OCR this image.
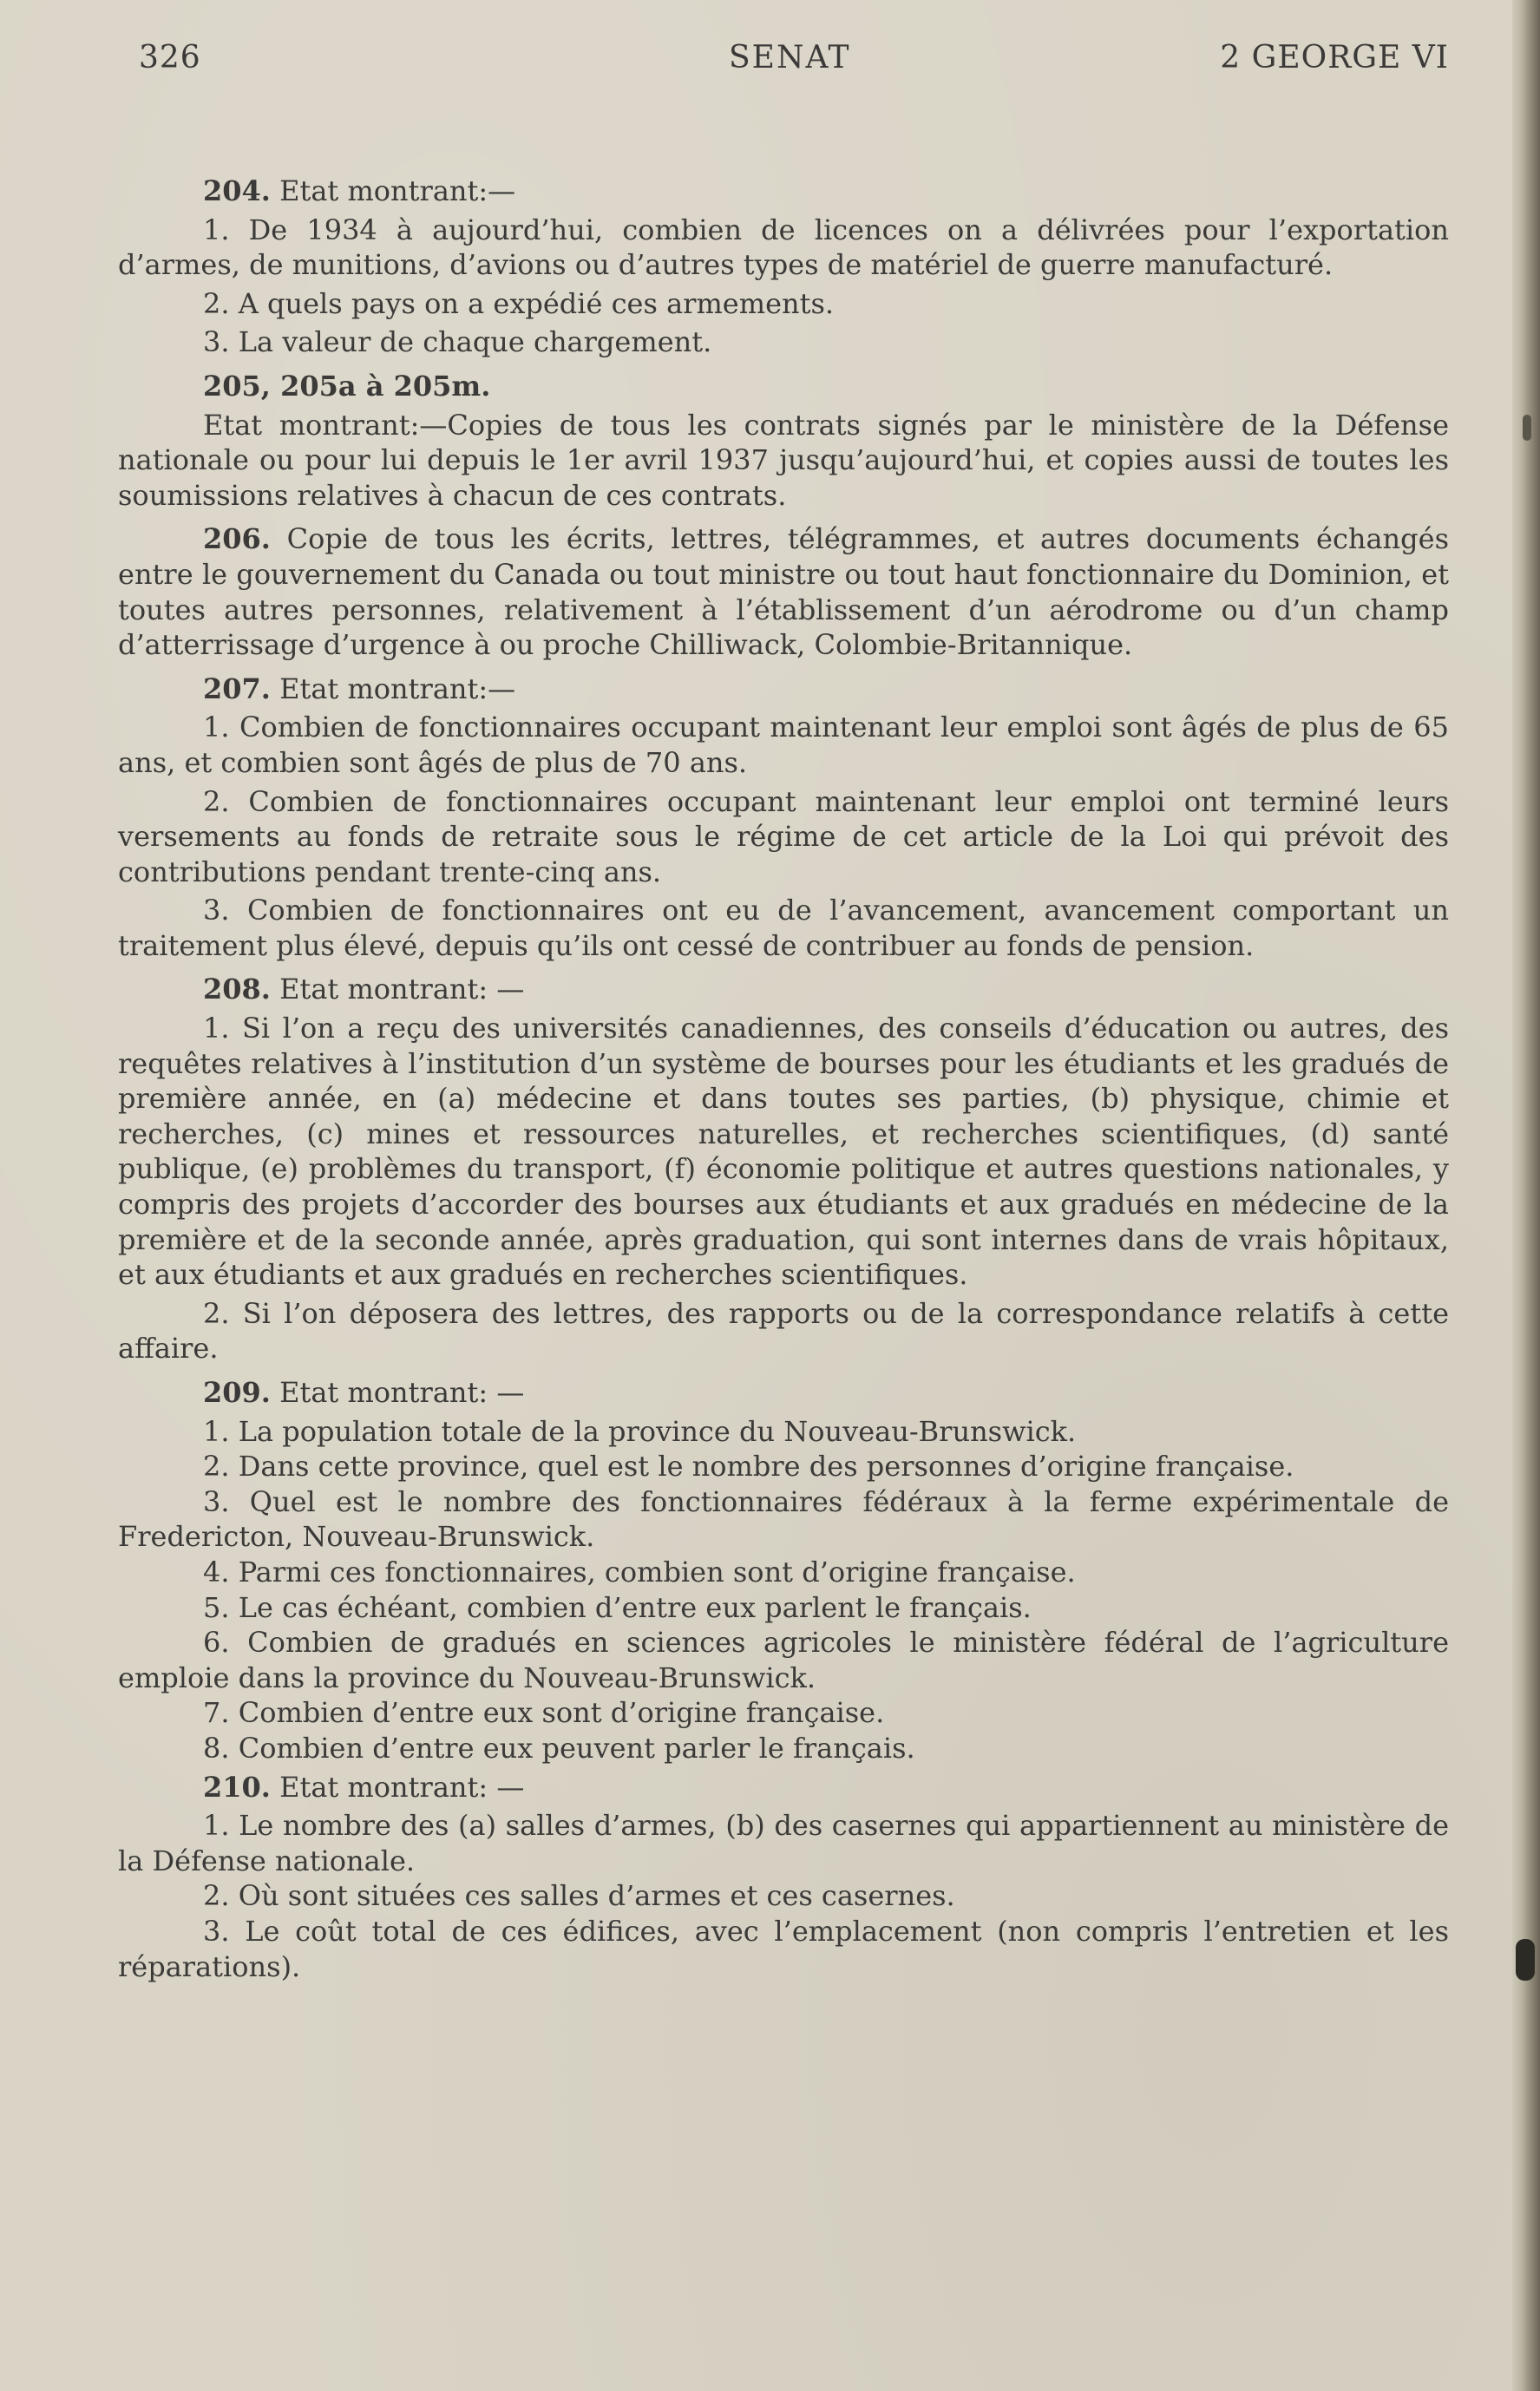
326	SENAT	2 GEORGE VI

204. Etat montrant:—

1. De 1934 à aujourd’hui, combien de licences on a délivrées pour l’exportation d’armes, de munitions, d’avions ou d’autres types de matériel de guerre manufacturé.

2. A quels pays on a expédié ces armements.

3. La valeur de chaque chargement.

205, 205a à 205m.

Etat montrant:—Copies de tous les contrats signés par le ministère de la Défense nationale ou pour lui depuis le 1er avril 1937 jusqu’aujourd’hui, et copies aussi de toutes les soumissions relatives à chacun de ces contrats.

206. Copie de tous les écrits, lettres, télégrammes, et autres documents échangés entre le gouvernement du Canada ou tout ministre ou tout haut fonctionnaire du Dominion, et toutes autres personnes, relativement à l’établissement d’un aérodrome ou d’un champ d’atterrissage d’urgence à ou proche Chilliwack, Colombie-Britannique.

207. Etat montrant:—

1. Combien de fonctionnaires occupant maintenant leur emploi sont âgés de plus de 65 ans, et combien sont âgés de plus de 70 ans.

2. Combien de fonctionnaires occupant maintenant leur emploi ont terminé leurs versements au fonds de retraite sous le régime de cet article de la Loi qui prévoit des contributions pendant trente-cinq ans.

3. Combien de fonctionnaires ont eu de l’avancement, avancement comportant un traitement plus élevé, depuis qu’ils ont cessé de contribuer au fonds de pension.

208. Etat montrant: —

1. Si l’on a reçu des universités canadiennes, des conseils d’éducation ou autres, des requêtes relatives à l’institution d’un système de bourses pour les étudiants et les gradués de première année, en (a) médecine et dans toutes ses parties, (b) physique, chimie et recherches, (c) mines et ressources naturelles, et recherches scientifiques, (d) santé publique, (e) problèmes du transport, (f) économie politique et autres questions nationales, y compris des projets d’accorder des bourses aux étudiants et aux gradués en médecine de la première et de la seconde année, après graduation, qui sont internes dans de vrais hôpitaux, et aux étudiants et aux gradués en recherches scientifiques.

2. Si l’on déposera des lettres, des rapports ou de la correspondance relatifs à cette affaire.

209. Etat montrant: —

1. La population totale de la province du Nouveau-Brunswick.

2. Dans cette province, quel est le nombre des personnes d’origine française.

3. Quel est le nombre des fonctionnaires fédéraux à la ferme expérimentale de Fredericton, Nouveau-Brunswick.

4. Parmi ces fonctionnaires, combien sont d’origine française.

5. Le cas échéant, combien d’entre eux parlent le français.

6. Combien de gradués en sciences agricoles le ministère fédéral de l’agriculture emploie dans la province du Nouveau-Brunswick.

7. Combien d’entre eux sont d’origine française.

8. Combien d’entre eux peuvent parler le français.

210. Etat montrant: —

1. Le nombre des (a) salles d’armes, (b) des casernes qui appartiennent au ministère de la Défense nationale.

2. Où sont situées ces salles d’armes et ces casernes.

3. Le coût total de ces édifices, avec l’emplacement (non compris l’entretien et les réparations).
